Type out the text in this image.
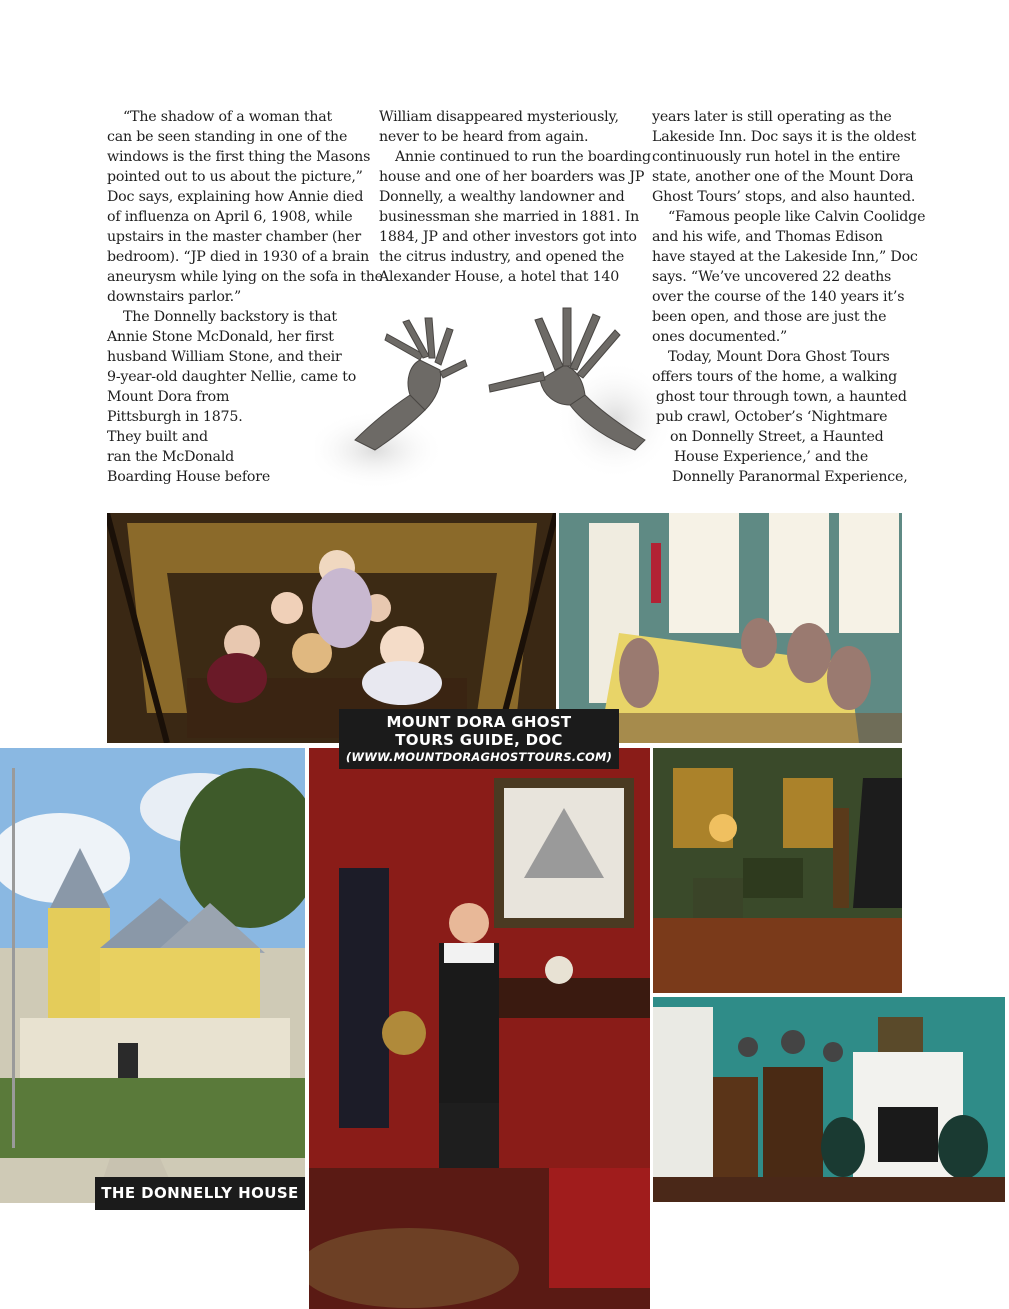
“The shadow of a woman that
can be seen standing in one of the
windows is the first thing the Masons
pointed out to us about the picture,”
Doc says, explaining how Annie died
of influenza on April 6, 1908, while
upstairs in the master chamber (her
bedroom). “JP died in 1930 of a brain
aneurysm while lying on the sofa in the
downstairs parlor.”
The Donnelly backstory is that
Annie Stone McDonald, her first
husband William Stone, and their
9-year-old daughter Nellie, came to
Mount Dora from
Pittsburgh in 1875.
They built and
ran the McDonald
Boarding House before
William disappeared mysteriously,
never to be heard from again.
Annie continued to run the boarding
house and one of her boarders was JP
Donnelly, a wealthy landowner and
businessman she married in 1881. In
1884, JP and other investors got into
the citrus industry, and opened the
Alexander House, a hotel that 140
years later is still operating as the
Lakeside Inn. Doc says it is the oldest
continuously run hotel in the entire
state, another one of the Mount Dora
Ghost Tours’ stops, and also haunted.
“Famous people like Calvin Coolidge
and his wife, and Thomas Edison
have stayed at the Lakeside Inn,” Doc
says. “We’ve uncovered 22 deaths
over the course of the 140 years it’s
been open, and those are just the
ones documented.”
Today, Mount Dora Ghost Tours
offers tours of the home, a walking
ghost tour through town, a haunted
pub crawl, October’s ‘Nightmare
on Donnelly Street, a Haunted
House Experience,’ and the
Donnelly Paranormal Experience,
MOUNT DORA GHOST
TOURS GUIDE, DOC
(WWW.MOUNTDORAGHOSTTOURS.COM)
THE DONNELLY HOUSE
